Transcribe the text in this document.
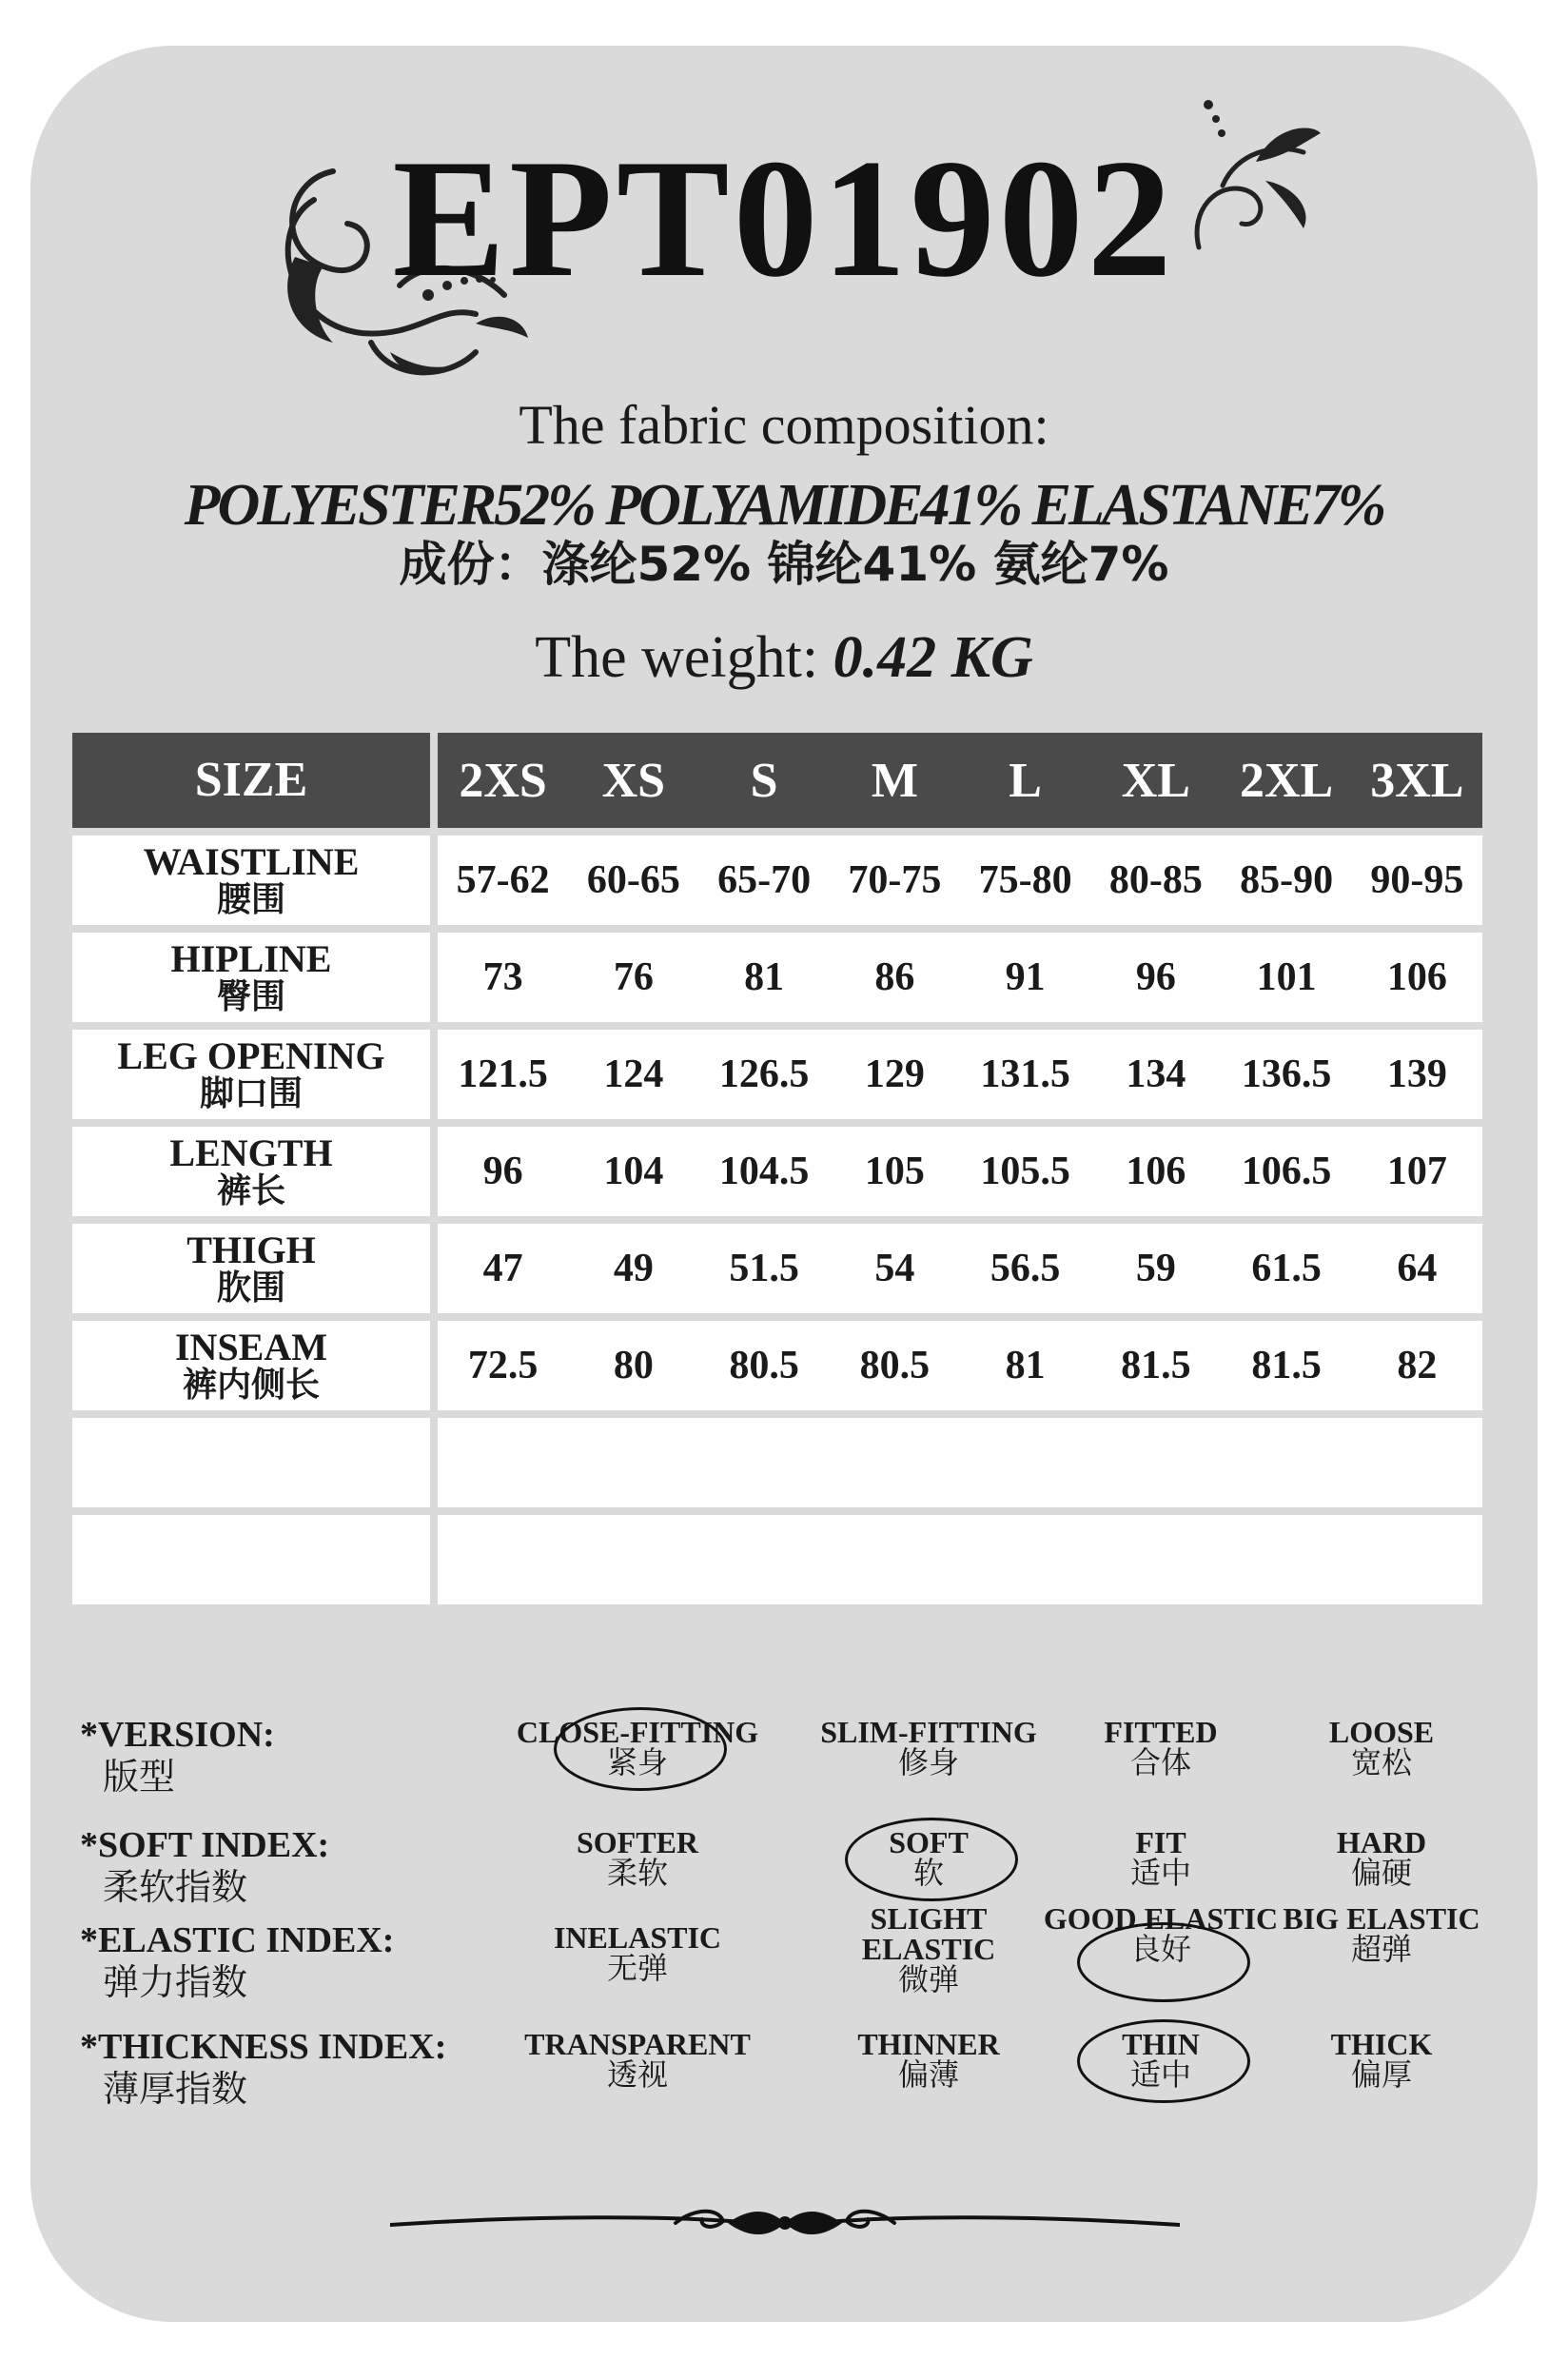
EPT01902
The fabric composition:
POLYESTER52% POLYAMIDE41% ELASTANE7%
成份：涤纶52% 锦纶41% 氨纶7%
The weight: 0.42 KG
SIZE	2XS	XS	S	M	L	XL	2XL 3XL
WAISTLINE
腰围	57-62 60-65 65-70 70-75 75-80 80-85 85-90 90-95
HIPLINE
臀围	73	76	81	86	91	96	101	106
LEG OPENING
脚口围	121.5	124	126.5	129	131.5	134	136.5	139
LENGTH
裤长	96	104	104.5	105	105.5	106	106.5	107
THIGH
肷围	47	49	51.5	54	56.5	59	61.5	64
INSEAM
裤内侧长	72.5	80	80.5	80.5	81	81.5	81.5	82
*VERSION:
版型
CLOSE-FITTING
紧身
SLIM-FITTING
修身
FITTED
合体
LOOSE
宽松
*SOFT INDEX:
柔软指数
SOFTER
柔软
SOFT
软
FIT
适中
HARD
偏硬
*ELASTIC INDEX:
弹力指数
INELASTIC
无弹
SLIGHT ELASTIC
微弹
GOOD ELASTIC
良好
BIG ELASTIC
超弹
*THICKNESS INDEX:
薄厚指数
TRANSPARENT
透视
THINNER
偏薄
THIN
适中
THICK
偏厚
